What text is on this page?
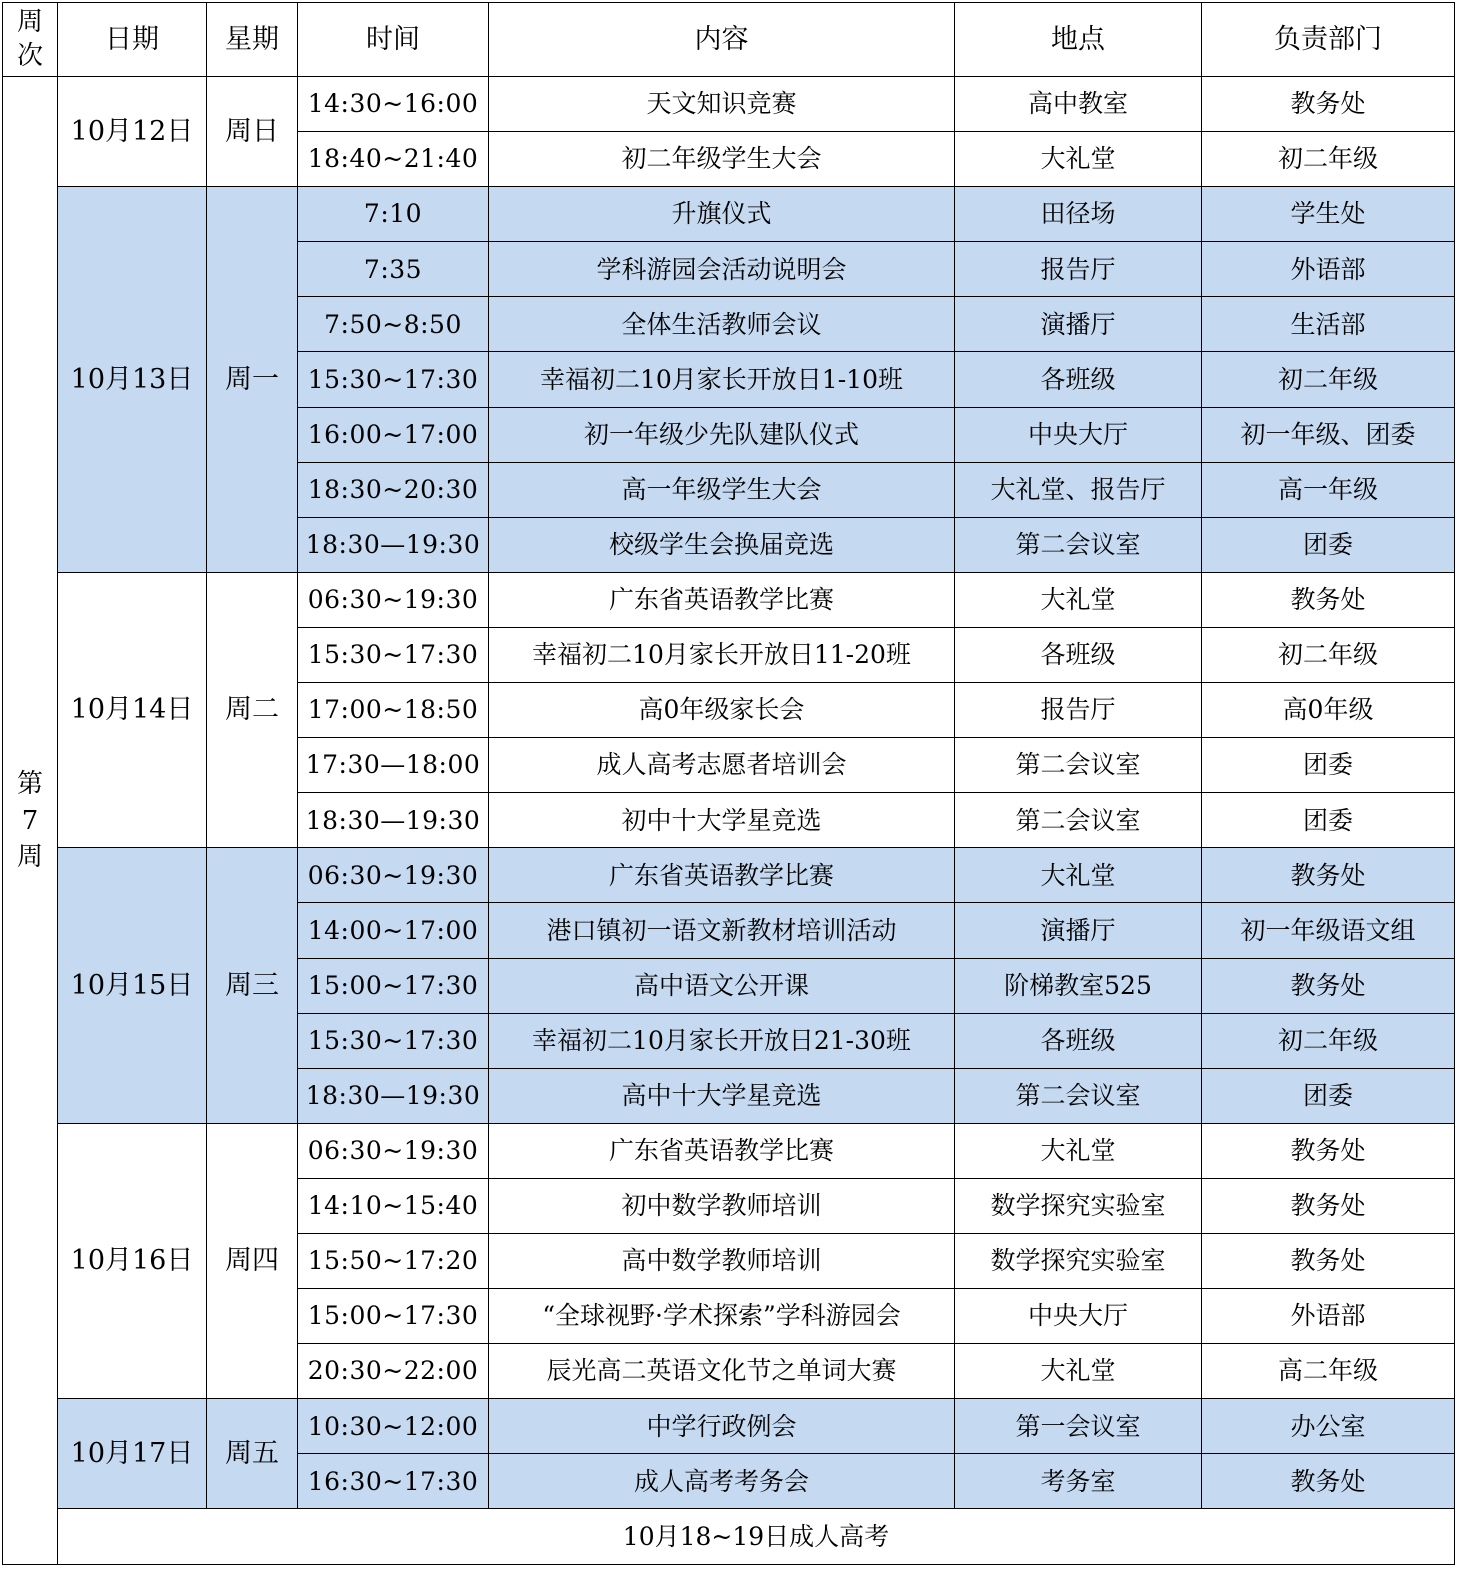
周次	日期	星期	时间	内容	地点	负责部门
第7周	10月12日	周日	14:30~16:00	天文知识竞赛	高中教室	教务处
			18:40~21:40	初二年级学生大会	大礼堂	初二年级
	10月13日	周一	7:10	升旗仪式	田径场	学生处
			7:35	学科游园会活动说明会	报告厅	外语部
			7:50~8:50	全体生活教师会议	演播厅	生活部
			15:30~17:30	幸福初二10月家长开放日1-10班	各班级	初二年级
			16:00~17:00	初一年级少先队建队仪式	中央大厅	初一年级、团委
			18:30~20:30	高一年级学生大会	大礼堂、报告厅	高一年级
			18:30—19:30	校级学生会换届竞选	第二会议室	团委
	10月14日	周二	06:30~19:30	广东省英语教学比赛	大礼堂	教务处
			15:30~17:30	幸福初二10月家长开放日11-20班	各班级	初二年级
			17:00~18:50	高0年级家长会	报告厅	高0年级
			17:30—18:00	成人高考志愿者培训会	第二会议室	团委
			18:30—19:30	初中十大学星竞选	第二会议室	团委
	10月15日	周三	06:30~19:30	广东省英语教学比赛	大礼堂	教务处
			14:00~17:00	港口镇初一语文新教材培训活动	演播厅	初一年级语文组
			15:00~17:30	高中语文公开课	阶梯教室525	教务处
			15:30~17:30	幸福初二10月家长开放日21-30班	各班级	初二年级
			18:30—19:30	高中十大学星竞选	第二会议室	团委
	10月16日	周四	06:30~19:30	广东省英语教学比赛	大礼堂	教务处
			14:10~15:40	初中数学教师培训	数学探究实验室	教务处
			15:50~17:20	高中数学教师培训	数学探究实验室	教务处
			15:00~17:30	“全球视野·学术探索”学科游园会	中央大厅	外语部
			20:30~22:00	辰光高二英语文化节之单词大赛	大礼堂	高二年级
	10月17日	周五	10:30~12:00	中学行政例会	第一会议室	办公室
			16:30~17:30	成人高考考务会	考务室	教务处
	10月18~19日成人高考					
